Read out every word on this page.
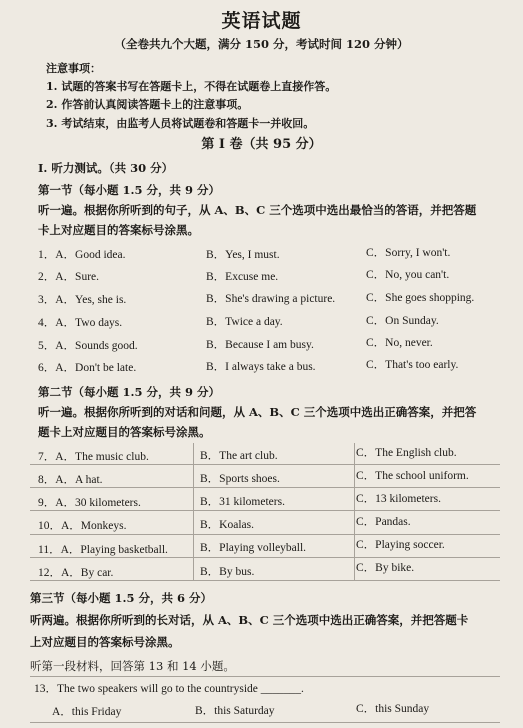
英语试题
（全卷共九个大题，满分 150 分，考试时间 120 分钟）
注意事项：
1. 试题的答案书写在答题卡上，不得在试题卷上直接作答。
2. 作答前认真阅读答题卡上的注意事项。
3. 考试结束，由监考人员将试题卷和答题卡一并收回。
第 I 卷（共 95 分）
Ⅰ. 听力测试。（共 30 分）
第一节（每小题 1.5 分，共 9 分）
听一遍。根据你所听到的句子，从 A、B、C 三个选项中选出最恰当的答语，并把答题
卡上对应题目的答案标号涂黑。
1．A．Good idea.	B．Yes, I must.	C．Sorry, I won't.
2．A．Sure.	B．Excuse me.	C．No, you can't.
3．A．Yes, she is.	B．She's drawing a picture.	C．She goes shopping.
4．A．Two days.	B．Twice a day.	C．On Sunday.
5．A．Sounds good.	B．Because I am busy.	C．No, never.
6．A．Don't be late.	B．I always take a bus.	C．That's too early.
第二节（每小题 1.5 分，共 9 分）
听一遍。根据你所听到的对话和问题，从 A、B、C 三个选项中选出正确答案，并把答
题卡上对应题目的答案标号涂黑。
7．A．The music club.	B．The art club.	C．The English club.
8．A．A hat.	B．Sports shoes.	C．The school uniform.
9．A．30 kilometers.	B．31 kilometers.	C．13 kilometers.
10．A．Monkeys.	B．Koalas.	C．Pandas.
11．A．Playing basketball.	B．Playing volleyball.	C．Playing soccer.
12．A．By car.	B．By bus.	C．By bike.
第三节（每小题 1.5 分，共 6 分）
听两遍。根据你所听到的长对话，从 A、B、C 三个选项中选出正确答案，并把答题卡
上对应题目的答案标号涂黑。
听第一段材料，回答第 13 和 14 小题。
13．The two speakers will go to the countryside _______.
A．this Friday	B．this Saturday	C．this Sunday
